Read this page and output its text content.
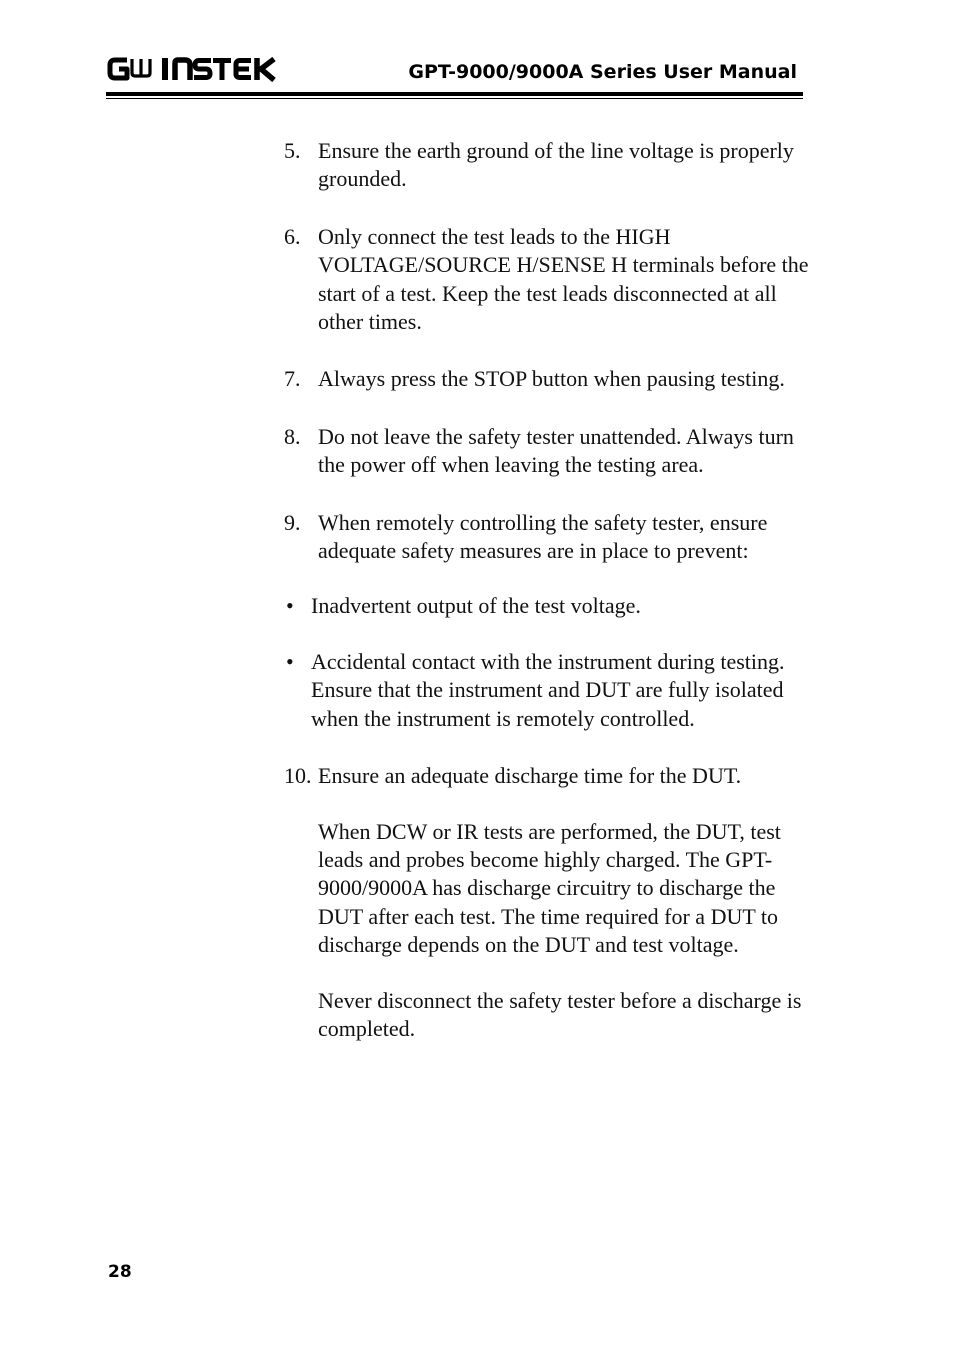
GPT-9000/9000A Series User Manual
5. Ensure the earth ground of the line voltage is properly grounded.
6. Only connect the test leads to the HIGH VOLTAGE/SOURCE H/SENSE H terminals before the start of a test. Keep the test leads disconnected at all other times.
7. Always press the STOP button when pausing testing.
8. Do not leave the safety tester unattended. Always turn the power off when leaving the testing area.
9. When remotely controlling the safety tester, ensure adequate safety measures are in place to prevent:
• Inadvertent output of the test voltage.
• Accidental contact with the instrument during testing. Ensure that the instrument and DUT are fully isolated when the instrument is remotely controlled.
10. Ensure an adequate discharge time for the DUT.

When DCW or IR tests are performed, the DUT, test leads and probes become highly charged. The GPT-9000/9000A has discharge circuitry to discharge the DUT after each test. The time required for a DUT to discharge depends on the DUT and test voltage.

Never disconnect the safety tester before a discharge is completed.

28
